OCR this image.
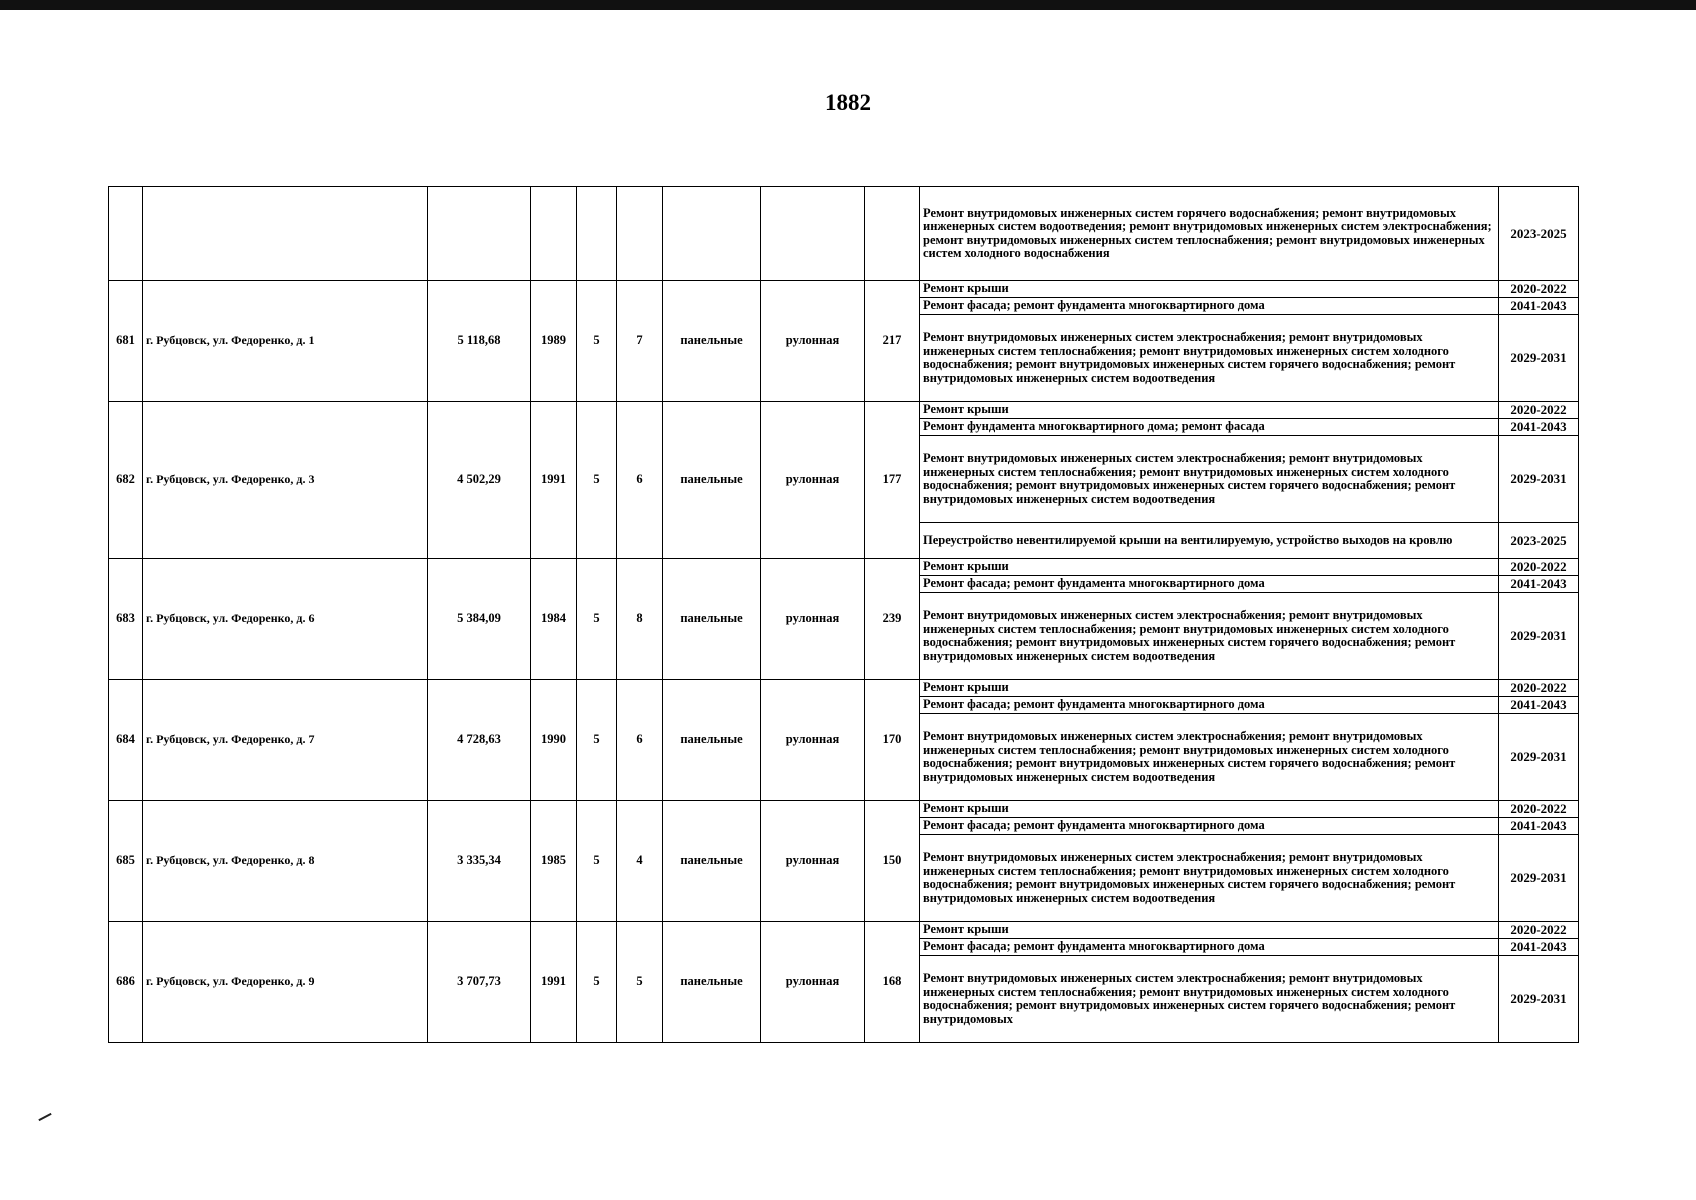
1882
									Ремонт внутридомовых инженерных систем горячего водоснабжения; ремонт внутридомовых инженерных систем водоотведения; ремонт внутридомовых инженерных систем электроснабжения; ремонт внутридомовых инженерных систем теплоснабжения; ремонт внутридомовых инженерных систем холодного водоснабжения	2023-2025
681	г. Рубцовск, ул. Федоренко, д. 1	5 118,68	1989	5	7	панельные	рулонная	217	Ремонт крыши	2020-2022
									Ремонт фасада; ремонт фундамента многоквартирного дома	2041-2043
									Ремонт внутридомовых инженерных систем электроснабжения; ремонт внутридомовых инженерных систем теплоснабжения; ремонт внутридомовых инженерных систем холодного водоснабжения; ремонт внутридомовых инженерных систем горячего водоснабжения; ремонт внутридомовых инженерных систем водоотведения	2029-2031
682	г. Рубцовск, ул. Федоренко, д. 3	4 502,29	1991	5	6	панельные	рулонная	177	Ремонт крыши	2020-2022
									Ремонт фундамента многоквартирного дома; ремонт фасада	2041-2043
									Ремонт внутридомовых инженерных систем электроснабжения; ремонт внутридомовых инженерных систем теплоснабжения; ремонт внутридомовых инженерных систем холодного водоснабжения; ремонт внутридомовых инженерных систем горячего водоснабжения; ремонт внутридомовых инженерных систем водоотведения	2029-2031
									Переустройство невентилируемой крыши на вентилируемую, устройство выходов на кровлю	2023-2025
683	г. Рубцовск, ул. Федоренко, д. 6	5 384,09	1984	5	8	панельные	рулонная	239	Ремонт крыши	2020-2022
									Ремонт фасада; ремонт фундамента многоквартирного дома	2041-2043
									Ремонт внутридомовых инженерных систем электроснабжения; ремонт внутридомовых инженерных систем теплоснабжения; ремонт внутридомовых инженерных систем холодного водоснабжения; ремонт внутридомовых инженерных систем горячего водоснабжения; ремонт внутридомовых инженерных систем водоотведения	2029-2031
684	г. Рубцовск, ул. Федоренко, д. 7	4 728,63	1990	5	6	панельные	рулонная	170	Ремонт крыши	2020-2022
									Ремонт фасада; ремонт фундамента многоквартирного дома	2041-2043
									Ремонт внутридомовых инженерных систем электроснабжения; ремонт внутридомовых инженерных систем теплоснабжения; ремонт внутридомовых инженерных систем холодного водоснабжения; ремонт внутридомовых инженерных систем горячего водоснабжения; ремонт внутридомовых инженерных систем водоотведения	2029-2031
685	г. Рубцовск, ул. Федоренко, д. 8	3 335,34	1985	5	4	панельные	рулонная	150	Ремонт крыши	2020-2022
									Ремонт фасада; ремонт фундамента многоквартирного дома	2041-2043
									Ремонт внутридомовых инженерных систем электроснабжения; ремонт внутридомовых инженерных систем теплоснабжения; ремонт внутридомовых инженерных систем холодного водоснабжения; ремонт внутридомовых инженерных систем горячего водоснабжения; ремонт внутридомовых инженерных систем водоотведения	2029-2031
686	г. Рубцовск, ул. Федоренко, д. 9	3 707,73	1991	5	5	панельные	рулонная	168	Ремонт крыши	2020-2022
									Ремонт фасада; ремонт фундамента многоквартирного дома	2041-2043
									Ремонт внутридомовых инженерных систем электроснабжения; ремонт внутридомовых инженерных систем теплоснабжения; ремонт внутридомовых инженерных систем холодного водоснабжения; ремонт внутридомовых инженерных систем горячего водоснабжения; ремонт внутридомовых	2029-2031
